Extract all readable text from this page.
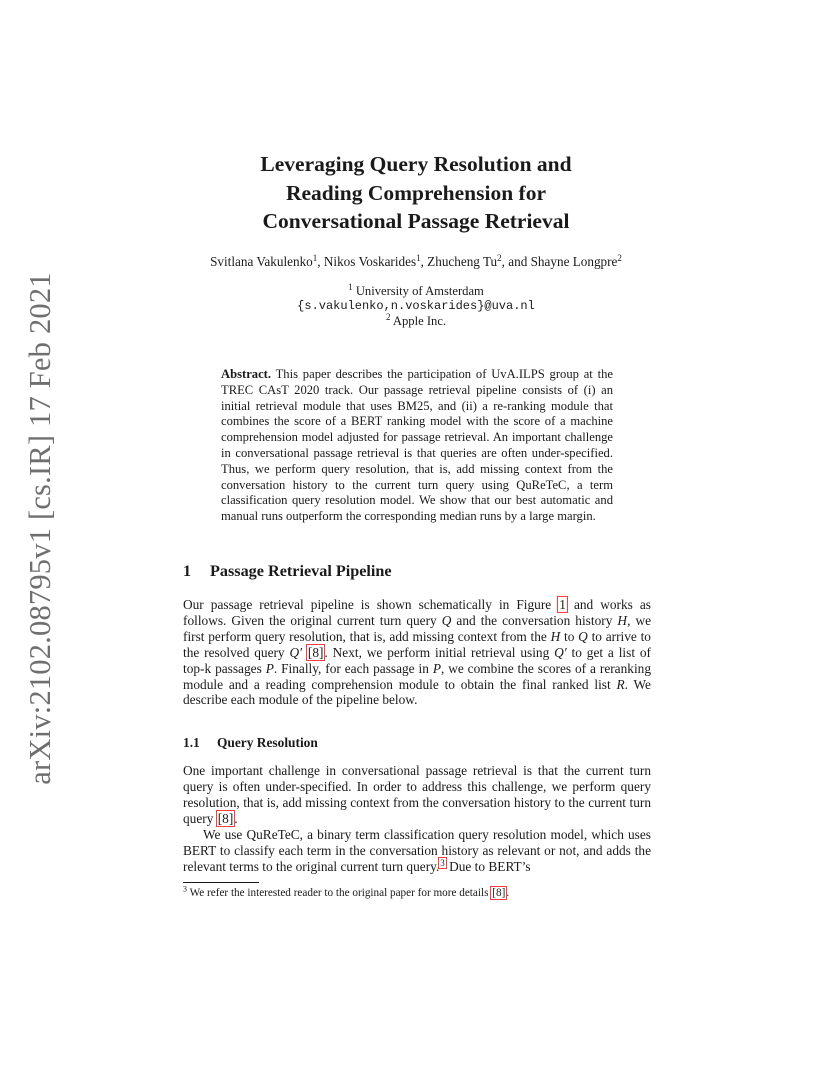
arXiv:2102.08795v1 [cs.IR] 17 Feb 2021
Leveraging Query Resolution and
Reading Comprehension for
Conversational Passage Retrieval
Svitlana Vakulenko$^1$, Nikos Voskarides$^1$, Zhucheng Tu$^2$, and Shayne Longpre$^2$
$^1$ University of Amsterdam
{s.vakulenko,n.voskarides}@uva.nl
$^2$ Apple Inc.

Abstract. This paper describes the participation of UvA.ILPS group at the TREC CAsT 2020 track. Our passage retrieval pipeline consists of (i) an initial retrieval module that uses BM25, and (ii) a re-ranking module that combines the score of a BERT ranking model with the score of a machine comprehension model adjusted for passage retrieval. An important challenge in conversational passage retrieval is that queries are often under-specified. Thus, we perform query resolution, that is, add missing context from the conversation history to the current turn query using QuReTeC, a term classification query resolution model. We show that our best automatic and manual runs outperform the corresponding median runs by a large margin.

1 Passage Retrieval Pipeline

Our passage retrieval pipeline is shown schematically in Figure 1 and works as follows. Given the original current turn query Q and the conversation history H, we first perform query resolution, that is, add missing context from the H to Q to arrive to the resolved query Q′ [8]. Next, we perform initial retrieval using Q′ to get a list of top-k passages P. Finally, for each passage in P, we combine the scores of a reranking module and a reading comprehension module to obtain the final ranked list R. We describe each module of the pipeline below.

1.1 Query Resolution

One important challenge in conversational passage retrieval is that the current turn query is often under-specified. In order to address this challenge, we perform query resolution, that is, add missing context from the conversation history to the current turn query [8].

We use QuReTeC, a binary term classification query resolution model, which uses BERT to classify each term in the conversation history as relevant or not, and adds the relevant terms to the original current turn query.$^3$ Due to BERT’s

$^3$ We refer the interested reader to the original paper for more details [8].
